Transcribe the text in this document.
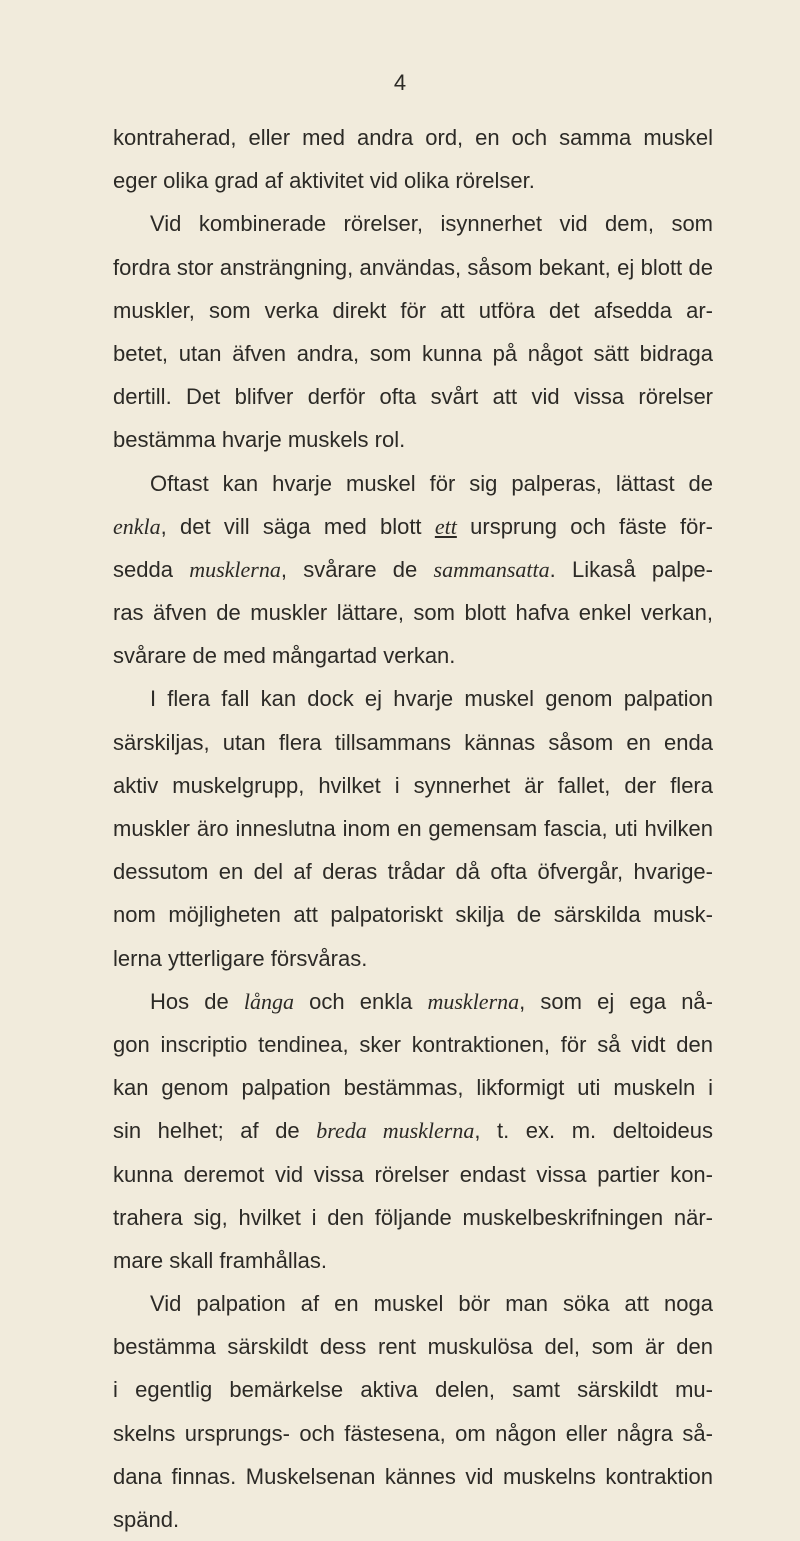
4
kontraherad, eller med andra ord, en och samma muskel
eger olika grad af aktivitet vid olika rörelser.
Vid kombinerade rörelser, isynnerhet vid dem, som
fordra stor ansträngning, användas, såsom bekant, ej blott de
muskler, som verka direkt för att utföra det afsedda ar-
betet, utan äfven andra, som kunna på något sätt bidraga
dertill. Det blifver derför ofta svårt att vid vissa rörelser
bestämma hvarje muskels rol.
Oftast kan hvarje muskel för sig palperas, lättast de
enkla, det vill säga med blott ett ursprung och fäste för-
sedda musklerna, svårare de sammansatta. Likaså palpe-
ras äfven de muskler lättare, som blott hafva enkel verkan,
svårare de med mångartad verkan.
I flera fall kan dock ej hvarje muskel genom palpation
särskiljas, utan flera tillsammans kännas såsom en enda
aktiv muskelgrupp, hvilket i synnerhet är fallet, der flera
muskler äro inneslutna inom en gemensam fascia, uti hvilken
dessutom en del af deras trådar då ofta öfvergår, hvarige-
nom möjligheten att palpatoriskt skilja de särskilda musk-
lerna ytterligare försvåras.
Hos de långa och enkla musklerna, som ej ega nå-
gon inscriptio tendinea, sker kontraktionen, för så vidt den
kan genom palpation bestämmas, likformigt uti muskeln i
sin helhet; af de breda musklerna, t. ex. m. deltoideus
kunna deremot vid vissa rörelser endast vissa partier kon-
trahera sig, hvilket i den följande muskelbeskrifningen när-
mare skall framhållas.
Vid palpation af en muskel bör man söka att noga
bestämma särskildt dess rent muskulösa del, som är den
i egentlig bemärkelse aktiva delen, samt särskildt mu-
skelns ursprungs- och fästesena, om någon eller några så-
dana finnas. Muskelsenan kännes vid muskelns kontraktion
spänd.
